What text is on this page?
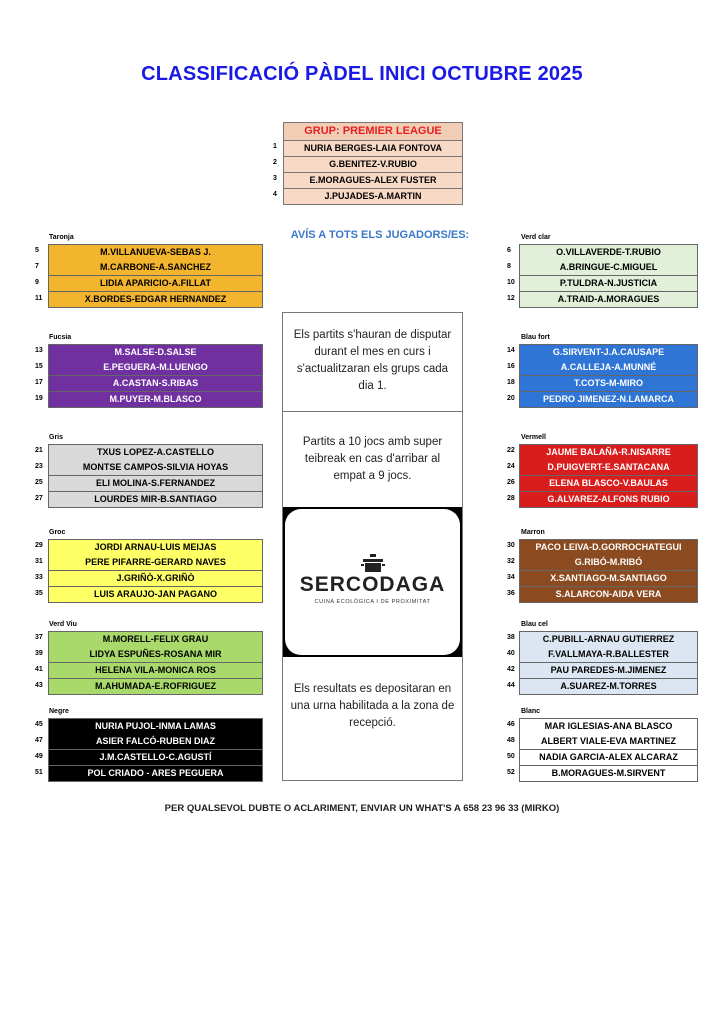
CLASSIFICACIÓ PÀDEL INICI OCTUBRE 2025
GRUP: PREMIER LEAGUE
1	NURIA BERGES-LAIA FONTOVA
2	G.BENITEZ-V.RUBIO
3	E.MORAGUES-ALEX FUSTER
4	J.PUJADES-A.MARTIN
AVÍS A TOTS ELS JUGADORS/ES:
Taronja
5	M.VILLANUEVA-SEBAS J.
7	M.CARBONE-A.SANCHEZ
9	LIDIA APARICIO-A.FILLAT
11	X.BORDES-EDGAR HERNANDEZ
Fucsia
13	M.SALSE-D.SALSE
15	E.PEGUERA-M.LUENGO
17	A.CASTAN-S.RIBAS
19	M.PUYER-M.BLASCO
Gris
21	TXUS LOPEZ-A.CASTELLO
23	MONTSE CAMPOS-SILVIA HOYAS
25	ELI MOLINA-S.FERNANDEZ
27	LOURDES MIR-B.SANTIAGO
Groc
29	JORDI ARNAU-LUIS MEIJAS
31	PERE PIFARRE-GERARD NAVES
33	J.GRIÑÒ-X.GRIÑÒ
35	LUIS ARAUJO-JAN PAGANO
Verd Viu
37	M.MORELL-FELIX GRAU
39	LIDYA ESPUÑES-ROSANA MIR
41	HELENA VILA-MONICA ROS
43	M.AHUMADA-E.ROFRIGUEZ
Negre
45	NURIA PUJOL-INMA LAMAS
47	ASIER FALCÓ-RUBEN DIAZ
49	J.M.CASTELLO-C.AGUSTÍ
51	POL CRIADO - ARES PEGUERA
Verd clar
6	O.VILLAVERDE-T.RUBIO
8	A.BRINGUE-C.MIGUEL
10	P.TULDRA-N.JUSTICIA
12	A.TRAID-A.MORAGUES
Blau fort
14	G.SIRVENT-J.A.CAUSAPE
16	A.CALLEJA-A.MUNNÉ
18	T.COTS-M-MIRO
20	PEDRO JIMENEZ-N.LAMARCA
Vermell
22	JAUME BALAÑA-R.NISARRE
24	D.PUIGVERT-E.SANTACANA
26	ELENA BLASCO-V.BAULAS
28	G.ALVAREZ-ALFONS RUBIO
Marron
30	PACO LEIVA-D.GORROCHATEGUI
32	G.RIBÓ-M.RIBÓ
34	X.SANTIAGO-M.SANTIAGO
36	S.ALARCON-AIDA VERA
Blau cel
38	C.PUBILL-ARNAU GUTIERREZ
40	F.VALLMAYA-R.BALLESTER
42	PAU PAREDES-M.JIMENEZ
44	A.SUAREZ-M.TORRES
Blanc
46	MAR IGLESIAS-ANA BLASCO
48	ALBERT VIALE-EVA MARTINEZ
50	NADIA GARCIA-ALEX ALCARAZ
52	B.MORAGUES-M.SIRVENT
Els partits s'hauran de disputar durant el mes en curs i s'actualitzaran els grups cada dia 1.
Partits a 10 jocs amb super teibreak en cas d'arribar al empat a 9 jocs.
SERCODAGA
CUINA ECOLÒGICA I DE PROXIMITAT
Els resultats es depositaran en una urna habilitada a la zona de recepció.
PER QUALSEVOL DUBTE O ACLARIMENT, ENVIAR UN WHAT'S A 658 23 96 33 (MIRKO)
